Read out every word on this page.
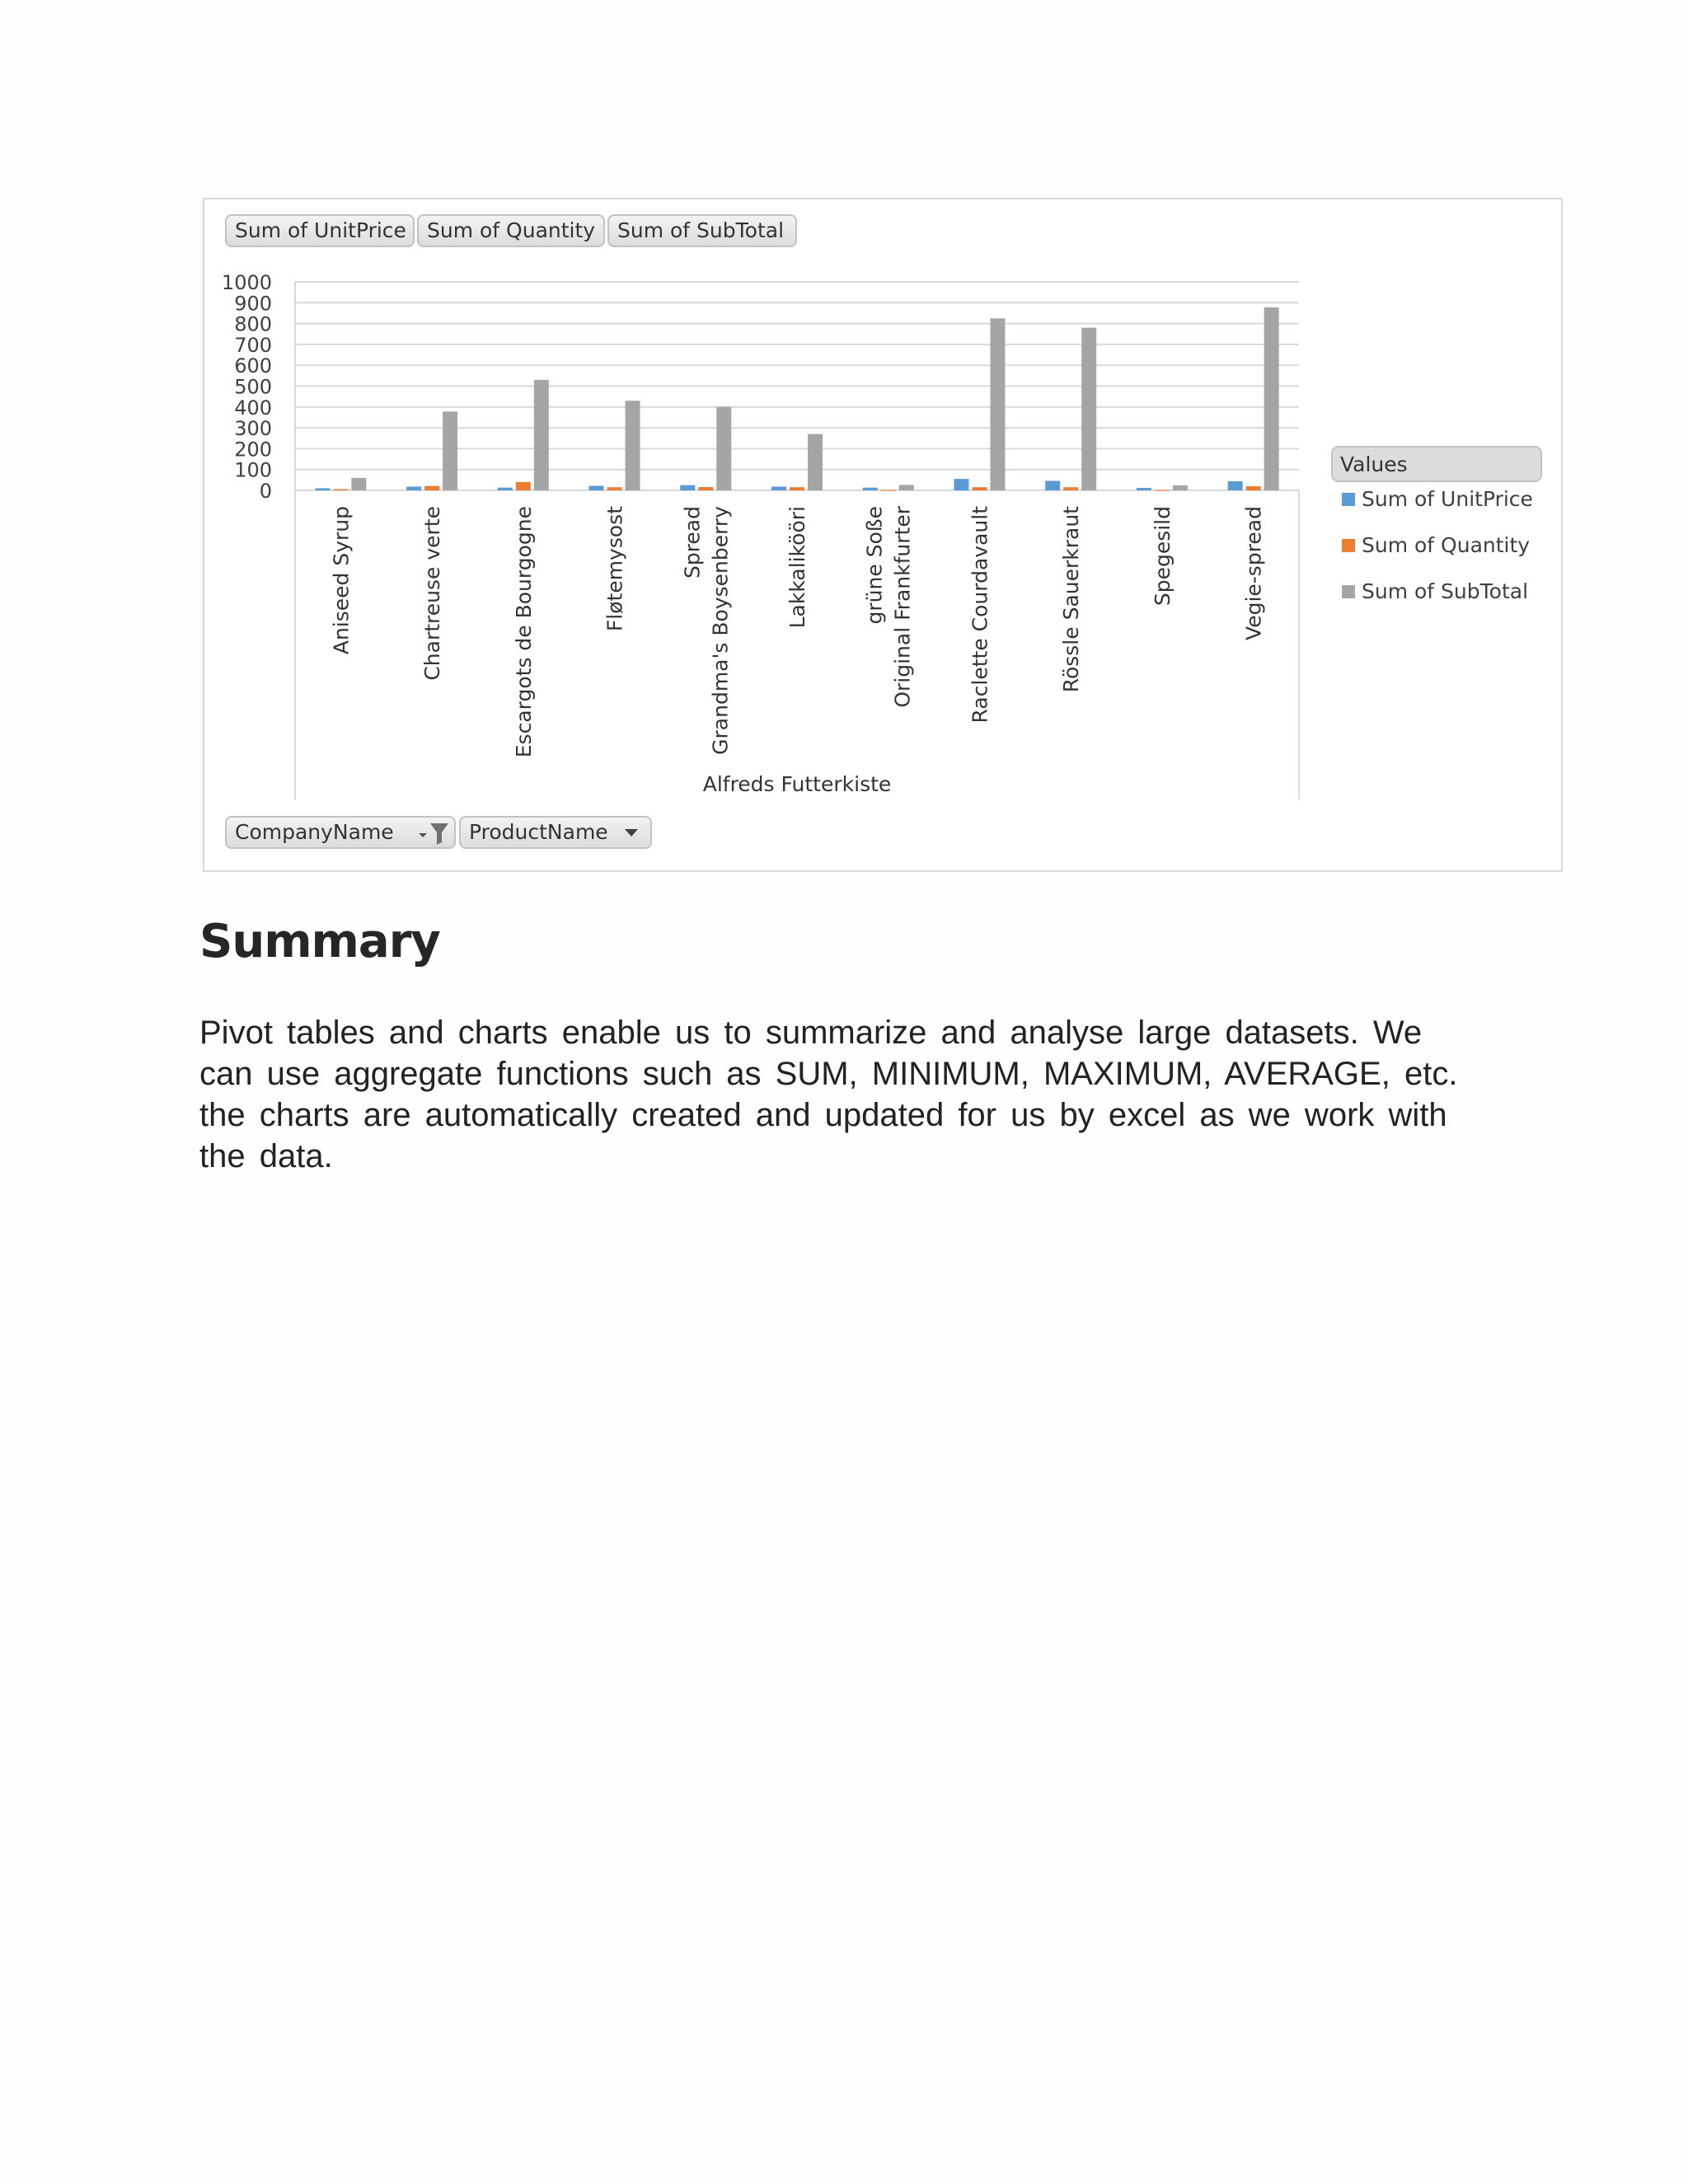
Sum of UnitPrice	Sum of Quantity	Sum of SubTotal
0
100
200
300
400
500
600
700
800
900
1000
Aniseed Syrup	Chartreuse verte	Escargots de Bourgogne	Fløtemysost	Grandma's BoysenberrySpread	Lakkalikööri	Original Frankfurtergrüne Soße	Raclette Courdavault	Rössle Sauerkraut	Spegesild	Vegie-spread
Alfreds Futterkiste
Values
Sum of UnitPrice
Sum of Quantity
Sum of SubTotal
CompanyName	ProductName
Summary

Pivot tables and charts enable us to summarize and analyse large datasets. We can use aggregate functions such as SUM, MINIMUM, MAXIMUM, AVERAGE, etc. the charts are automatically created and updated for us by excel as we work with the data.
